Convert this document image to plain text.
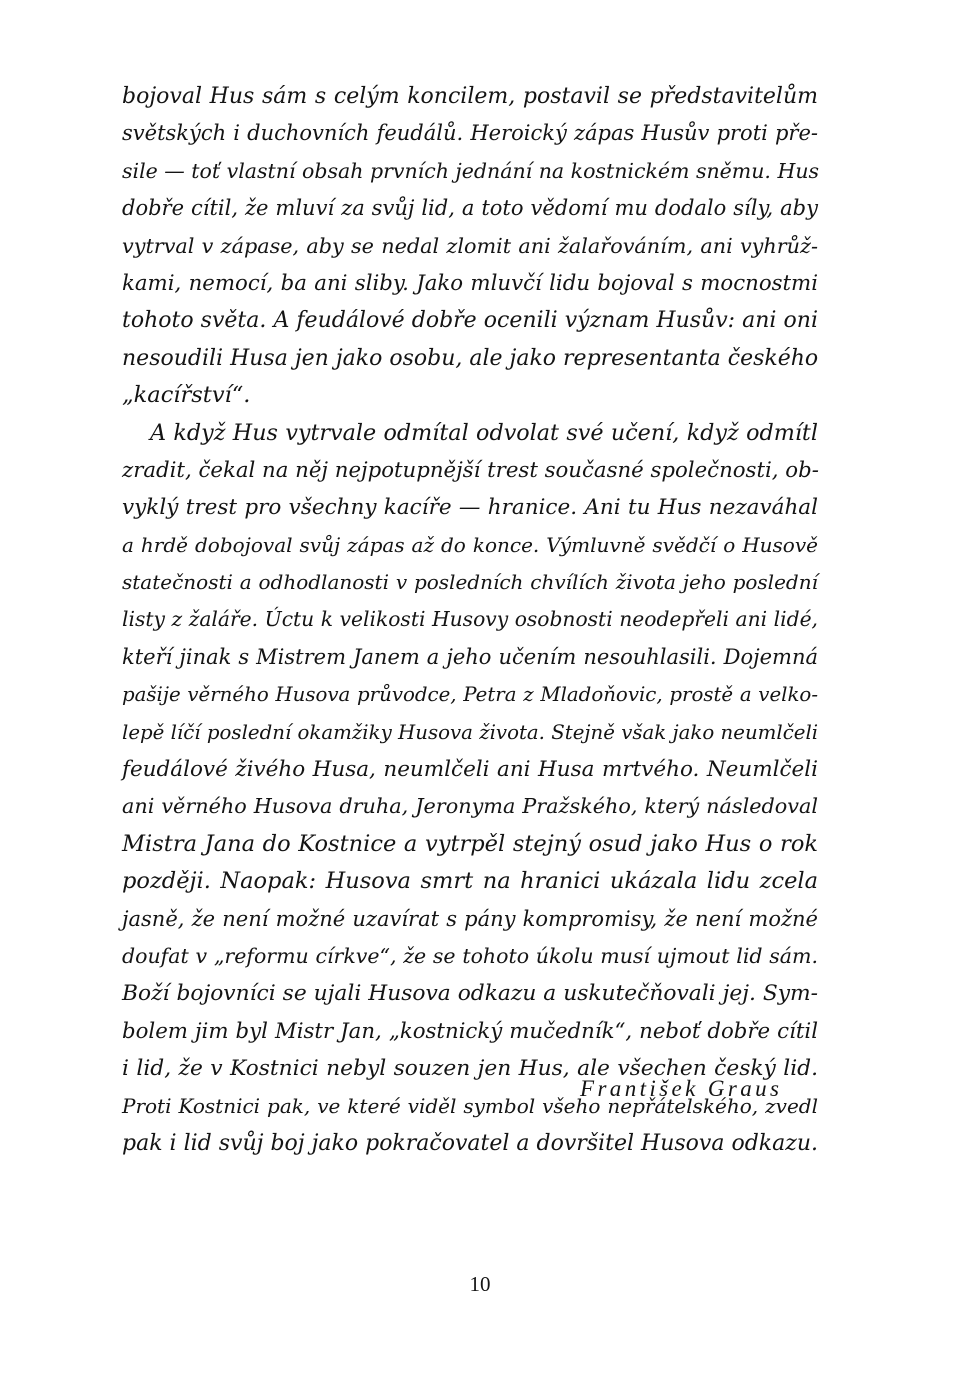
bojoval Hus sám s celým koncilem, postavil se představitelům
světských i duchovních feudálů. Heroický zápas Husův proti pře-
sile — toť vlastní obsah prvních jednání na kostnickém sněmu. Hus
dobře cítil, že mluví za svůj lid, a toto vědomí mu dodalo síly, aby
vytrval v zápase, aby se nedal zlomit ani žalařováním, ani vyhrůž-
kami, nemocí, ba ani sliby. Jako mluvčí lidu bojoval s mocnostmi
tohoto světa. A feudálové dobře ocenili význam Husův: ani oni
nesoudili Husa jen jako osobu, ale jako representanta českého
„kacířství“.
A když Hus vytrvale odmítal odvolat své učení, když odmítl
zradit, čekal na něj nejpotupnější trest současné společnosti, ob-
vyklý trest pro všechny kacíře — hranice. Ani tu Hus nezaváhal
a hrdě dobojoval svůj zápas až do konce. Výmluvně svědčí o Husově
statečnosti a odhodlanosti v posledních chvílích života jeho poslední
listy z žaláře. Úctu k velikosti Husovy osobnosti neodepřeli ani lidé,
kteří jinak s Mistrem Janem a jeho učením nesouhlasili. Dojemná
pašije věrného Husova průvodce, Petra z Mladoňovic, prostě a velko-
lepě líčí poslední okamžiky Husova života. Stejně však jako neumlčeli
feudálové živého Husa, neumlčeli ani Husa mrtvého. Neumlčeli
ani věrného Husova druha, Jeronyma Pražského, který následoval
Mistra Jana do Kostnice a vytrpěl stejný osud jako Hus o rok
později. Naopak: Husova smrt na hranici ukázala lidu zcela
jasně, že není možné uzavírat s pány kompromisy, že není možné
doufat v „reformu církve“, že se tohoto úkolu musí ujmout lid sám.
Boží bojovníci se ujali Husova odkazu a uskutečňovali jej. Sym-
bolem jim byl Mistr Jan, „kostnický mučedník“, neboť dobře cítil
i lid, že v Kostnici nebyl souzen jen Hus, ale všechen český lid.
Proti Kostnici pak, ve které viděl symbol všeho nepřátelského, zvedl
pak i lid svůj boj jako pokračovatel a dovršitel Husova odkazu.
František Graus
10
